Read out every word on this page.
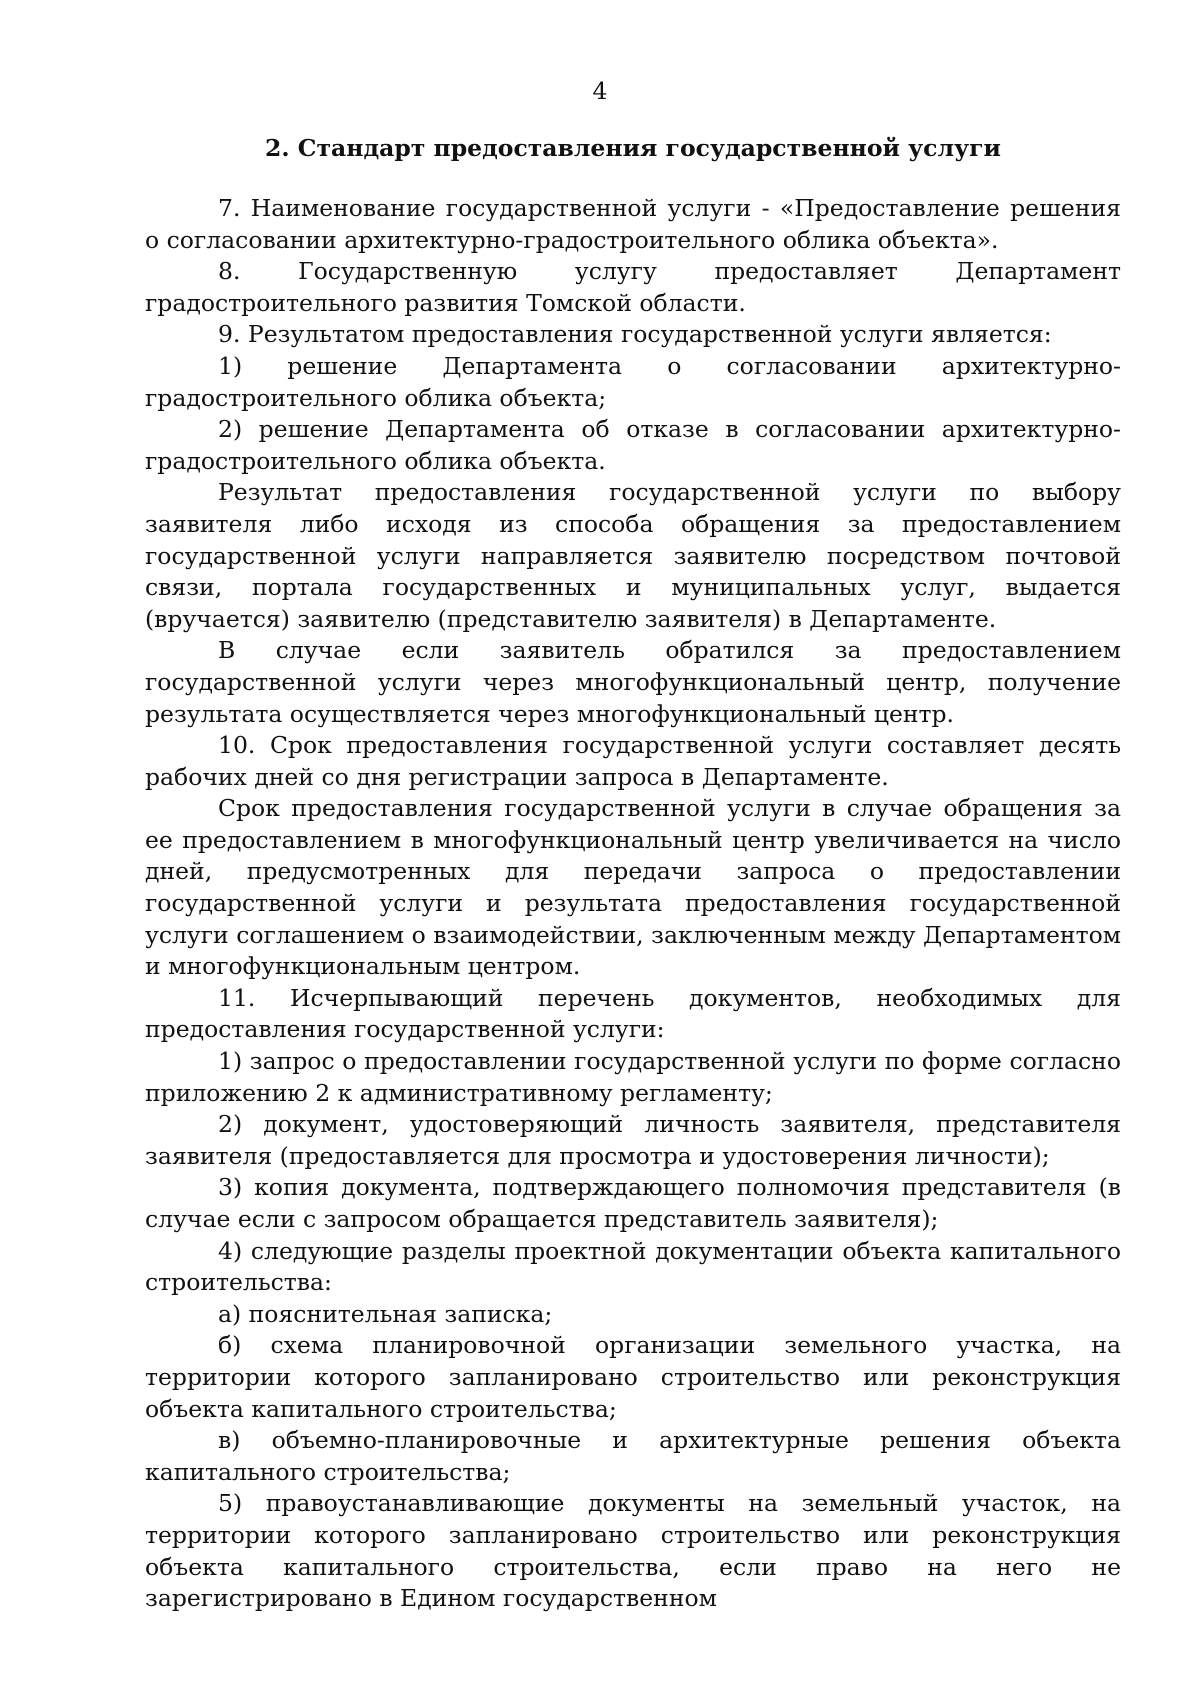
4
2. Стандарт предоставления государственной услуги

7. Наименование государственной услуги - «Предоставление решения о согласовании архитектурно-градостроительного облика объекта».

8. Государственную услугу предоставляет Департамент градостроительного развития Томской области.

9. Результатом предоставления государственной услуги является:

1) решение Департамента о согласовании архитектурно-градостроительного облика объекта;

2) решение Департамента об отказе в согласовании архитектурно-градостроительного облика объекта.

Результат предоставления государственной услуги по выбору заявителя либо исходя из способа обращения за предоставлением государственной услуги направляется заявителю посредством почтовой связи, портала государственных и муниципальных услуг, выдается (вручается) заявителю (представителю заявителя) в Департаменте.

В случае если заявитель обратился за предоставлением государственной услуги через многофункциональный центр, получение результата осуществляется через многофункциональный центр.

10. Срок предоставления государственной услуги составляет десять рабочих дней со дня регистрации запроса в Департаменте.

Срок предоставления государственной услуги в случае обращения за ее предоставлением в многофункциональный центр увеличивается на число дней, предусмотренных для передачи запроса о предоставлении государственной услуги и результата предоставления государственной услуги соглашением о взаимодействии, заключенным между Департаментом и многофункциональным центром.

11. Исчерпывающий перечень документов, необходимых для предоставления государственной услуги:

1) запрос о предоставлении государственной услуги по форме согласно приложению 2 к административному регламенту;

2) документ, удостоверяющий личность заявителя, представителя заявителя (предоставляется для просмотра и удостоверения личности);

3) копия документа, подтверждающего полномочия представителя (в случае если с запросом обращается представитель заявителя);

4) следующие разделы проектной документации объекта капитального строительства:

а) пояснительная записка;

б) схема планировочной организации земельного участка, на территории которого запланировано строительство или реконструкция объекта капитального строительства;

в) объемно-планировочные и архитектурные решения объекта капитального строительства;

5) правоустанавливающие документы на земельный участок, на территории которого запланировано строительство или реконструкция объекта капитального строительства, если право на него не зарегистрировано в Едином государственном
